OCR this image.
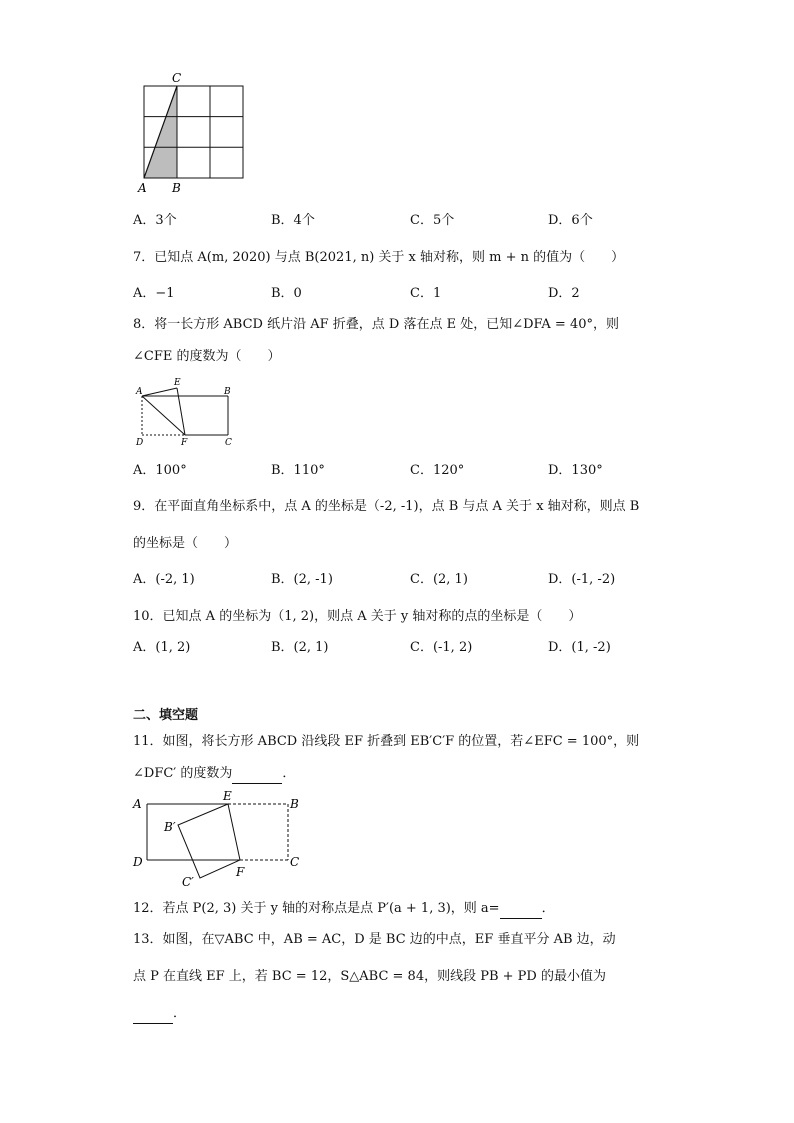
C
A B
A．3个	B．4个	C．5个	D．6个
7．已知点 A(m, 2020) 与点 B(2021, n) 关于 x 轴对称，则 m + n 的值为（　　）
A．−1	B．0	C．1	D．2
8．将一长方形 ABCD 纸片沿 AF 折叠，点 D 落在点 E 处，已知∠DFA = 40°，则
∠CFE 的度数为（　　）
A
E
B
D	F	C
A．100°	B．110°	C．120°	D．130°
9．在平面直角坐标系中，点 A 的坐标是（-2, -1)，点 B 与点 A 关于 x 轴对称，则点 B
的坐标是（　　）
A．(-2, 1)	B．(2, -1)	C．(2, 1)	D．(-1, -2)
10．已知点 A 的坐标为（1, 2)，则点 A 关于 y 轴对称的点的坐标是（　　）
A．(1, 2)	B．(2, 1)	C．(-1, 2)	D．(1, -2)
二、填空题
11．如图，将长方形 ABCD 沿线段 EF 折叠到 EB′C′F 的位置，若∠EFC = 100°，则
∠DFC′ 的度数为	．
A
E
B
B′
D	C
F
C′
12．若点 P(2, 3) 关于 y 轴的对称点是点 P′(a + 1, 3)，则 a=	．
13．如图，在▽ABC 中，AB = AC，D 是 BC 边的中点，EF 垂直平分 AB 边，动
点 P 在直线 EF 上，若 BC = 12，S△ABC = 84，则线段 PB + PD 的最小值为
．
